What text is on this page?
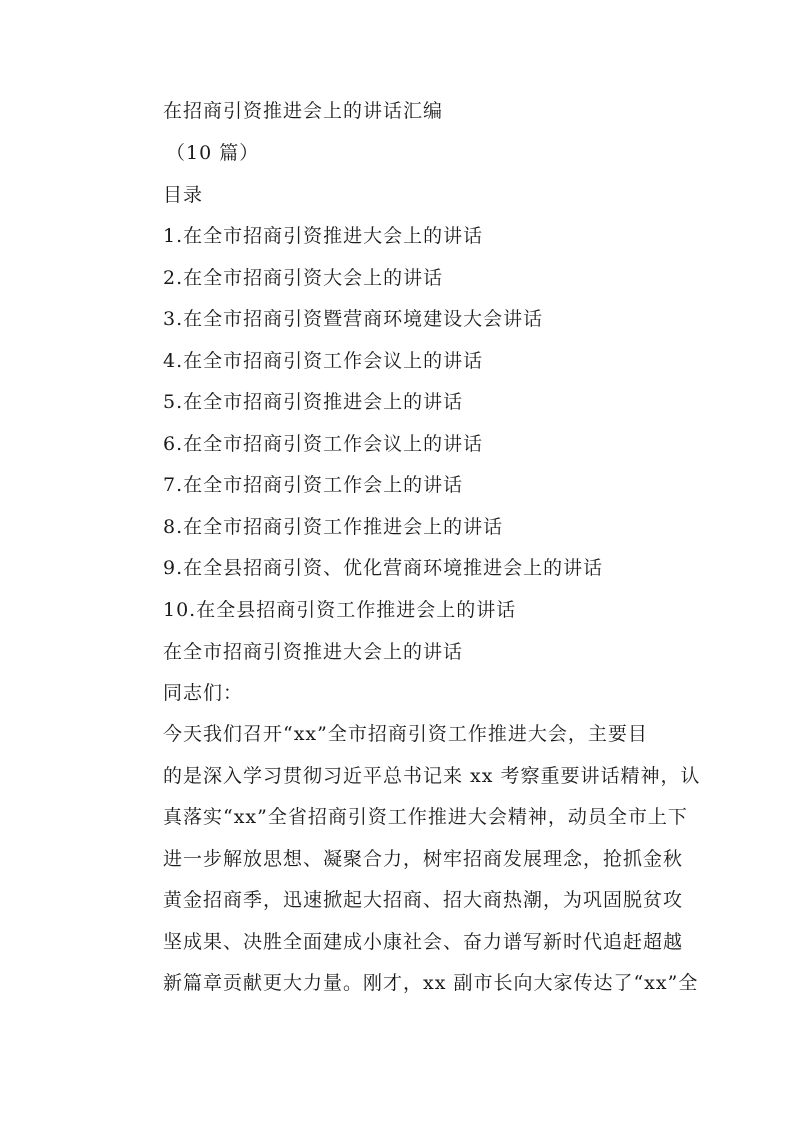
在招商引资推进会上的讲话汇编
（10 篇）
目录
1.在全市招商引资推进大会上的讲话
2.在全市招商引资大会上的讲话
3.在全市招商引资暨营商环境建设大会讲话
4.在全市招商引资工作会议上的讲话
5.在全市招商引资推进会上的讲话
6.在全市招商引资工作会议上的讲话
7.在全市招商引资工作会上的讲话
8.在全市招商引资工作推进会上的讲话
9.在全县招商引资、优化营商环境推进会上的讲话
10.在全县招商引资工作推进会上的讲话
在全市招商引资推进大会上的讲话
同志们：
今天我们召开“xx”全市招商引资工作推进大会，主要目
的是深入学习贯彻习近平总书记来 xx 考察重要讲话精神，认
真落实“xx”全省招商引资工作推进大会精神，动员全市上下
进一步解放思想、凝聚合力，树牢招商发展理念，抢抓金秋
黄金招商季，迅速掀起大招商、招大商热潮，为巩固脱贫攻
坚成果、决胜全面建成小康社会、奋力谱写新时代追赶超越
新篇章贡献更大力量。刚才，xx 副市长向大家传达了“xx”全
